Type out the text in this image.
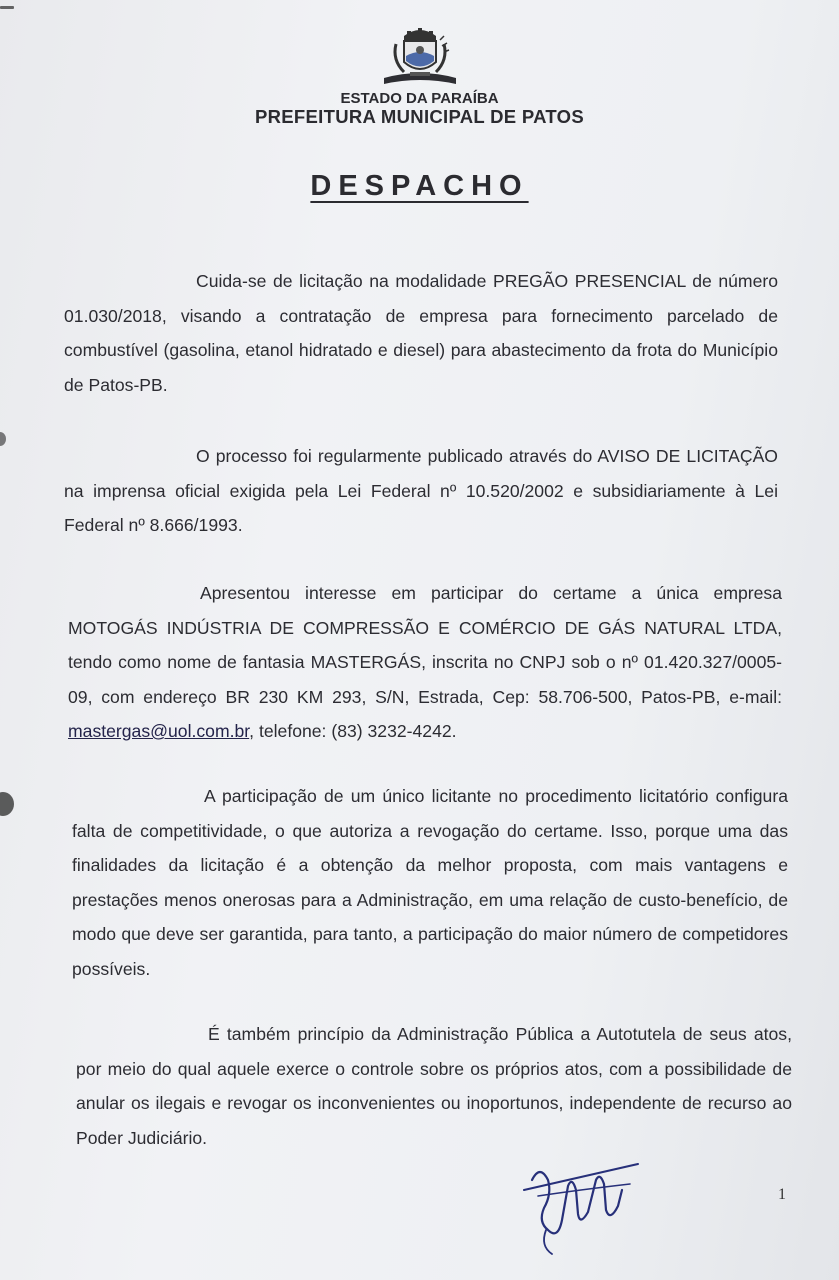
ESTADO DA PARAÍBA
PREFEITURA MUNICIPAL DE PATOS
DESPACHO
Cuida-se de licitação na modalidade PREGÃO PRESENCIAL de número 01.030/2018, visando a contratação de empresa para fornecimento parcelado de combustível (gasolina, etanol hidratado e diesel) para abastecimento da frota do Município de Patos-PB.
O processo foi regularmente publicado através do AVISO DE LICITAÇÃO na imprensa oficial exigida pela Lei Federal nº 10.520/2002 e subsidiariamente à Lei Federal nº 8.666/1993.
Apresentou interesse em participar do certame a única empresa MOTOGÁS INDÚSTRIA DE COMPRESSÃO E COMÉRCIO DE GÁS NATURAL LTDA, tendo como nome de fantasia MASTERGÁS, inscrita no CNPJ sob o nº 01.420.327/0005-09, com endereço BR 230 KM 293, S/N, Estrada, Cep: 58.706-500, Patos-PB, e-mail: mastergas@uol.com.br, telefone: (83) 3232-4242.
A participação de um único licitante no procedimento licitatório configura falta de competitividade, o que autoriza a revogação do certame. Isso, porque uma das finalidades da licitação é a obtenção da melhor proposta, com mais vantagens e prestações menos onerosas para a Administração, em uma relação de custo-benefício, de modo que deve ser garantida, para tanto, a participação do maior número de competidores possíveis.
É também princípio da Administração Pública a Autotutela de seus atos, por meio do qual aquele exerce o controle sobre os próprios atos, com a possibilidade de anular os ilegais e revogar os inconvenientes ou inoportunos, independente de recurso ao Poder Judiciário.
1
